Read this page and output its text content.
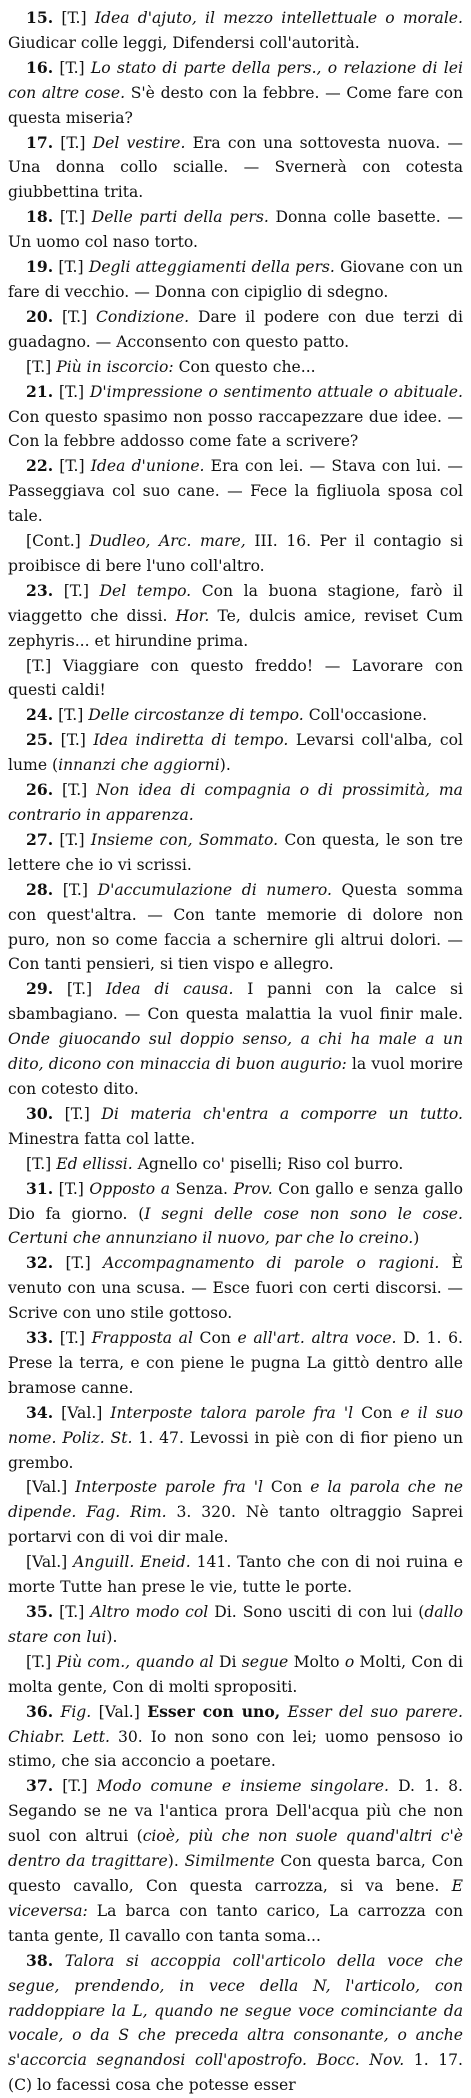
15. [T.] Idea d'ajuto, il mezzo intellettuale o morale. Giudicar colle leggi, Difendersi coll'autorità.

16. [T.] Lo stato di parte della pers., o relazione di lei con altre cose. S'è desto con la febbre. — Come fare con questa miseria?

17. [T.] Del vestire. Era con una sottovesta nuova. — Una donna collo scialle. — Svernerà con cotesta giubbettina trita.

18. [T.] Delle parti della pers. Donna colle basette. — Un uomo col naso torto.

19. [T.] Degli atteggiamenti della pers. Giovane con un fare di vecchio. — Donna con cipiglio di sdegno.

20. [T.] Condizione. Dare il podere con due terzi di guadagno. — Acconsento con questo patto.

[T.] Più in iscorcio: Con questo che...

21. [T.] D'impressione o sentimento attuale o abituale. Con questo spasimo non posso raccapezzare due idee. — Con la febbre addosso come fate a scrivere?

22. [T.] Idea d'unione. Era con lei. — Stava con lui. — Passeggiava col suo cane. — Fece la figliuola sposa col tale.

[Cont.] Dudleo, Arc. mare, III. 16. Per il contagio si proibisce di bere l'uno coll'altro.

23. [T.] Del tempo. Con la buona stagione, farò il viaggetto che dissi. Hor. Te, dulcis amice, reviset Cum zephyris... et hirundine prima.

[T.] Viaggiare con questo freddo! — Lavorare con questi caldi!

24. [T.] Delle circostanze di tempo. Coll'occasione.

25. [T.] Idea indiretta di tempo. Levarsi coll'alba, col lume (innanzi che aggiorni).

26. [T.] Non idea di compagnia o di prossimità, ma contrario in apparenza.

27. [T.] Insieme con, Sommato. Con questa, le son tre lettere che io vi scrissi.

28. [T.] D'accumulazione di numero. Questa somma con quest'altra. — Con tante memorie di dolore non puro, non so come faccia a schernire gli altrui dolori. — Con tanti pensieri, si tien vispo e allegro.

29. [T.] Idea di causa. I panni con la calce si sbambagiano. — Con questa malattia la vuol finir male. Onde giuocando sul doppio senso, a chi ha male a un dito, dicono con minaccia di buon augurio: la vuol morire con cotesto dito.

30. [T.] Di materia ch'entra a comporre un tutto. Minestra fatta col latte.

[T.] Ed ellissi. Agnello co' piselli; Riso col burro.

31. [T.] Opposto a Senza. Prov. Con gallo e senza gallo Dio fa giorno. (I segni delle cose non sono le cose. Certuni che annunziano il nuovo, par che lo creino.)

32. [T.] Accompagnamento di parole o ragioni. È venuto con una scusa. — Esce fuori con certi discorsi. — Scrive con uno stile gottoso.

33. [T.] Frapposta al Con e all'art. altra voce. D. 1. 6. Prese la terra, e con piene le pugna La gittò dentro alle bramose canne.

34. [Val.] Interposte talora parole fra 'l Con e il suo nome. Poliz. St. 1. 47. Levossi in piè con di fior pieno un grembo.

[Val.] Interposte parole fra 'l Con e la parola che ne dipende. Fag. Rim. 3. 320. Nè tanto oltraggio Saprei portarvi con di voi dir male.

[Val.] Anguill. Eneid. 141. Tanto che con di noi ruina e morte Tutte han prese le vie, tutte le porte.

35. [T.] Altro modo col Di. Sono usciti di con lui (dallo stare con lui).

[T.] Più com., quando al Di segue Molto o Molti, Con di molta gente, Con di molti spropositi.

36. Fig. [Val.] Esser con uno, Esser del suo parere. Chiabr. Lett. 30. Io non sono con lei; uomo pensoso io stimo, che sia acconcio a poetare.

37. [T.] Modo comune e insieme singolare. D. 1. 8. Segando se ne va l'antica prora Dell'acqua più che non suol con altrui (cioè, più che non suole quand'altri c'è dentro da tragittare). Similmente Con questa barca, Con questo cavallo, Con questa carrozza, si va bene. E viceversa: La barca con tanto carico, La carrozza con tanta gente, Il cavallo con tanta soma...

38. Talora si accoppia coll'articolo della voce che segue, prendendo, in vece della N, l'articolo, con raddoppiare la L, quando ne segue voce cominciante da vocale, o da S che preceda altra consonante, o anche s'accorcia segnandosi coll'apostrofo. Bocc. Nov. 1. 17. (C) lo facessi cosa che potesse esser
